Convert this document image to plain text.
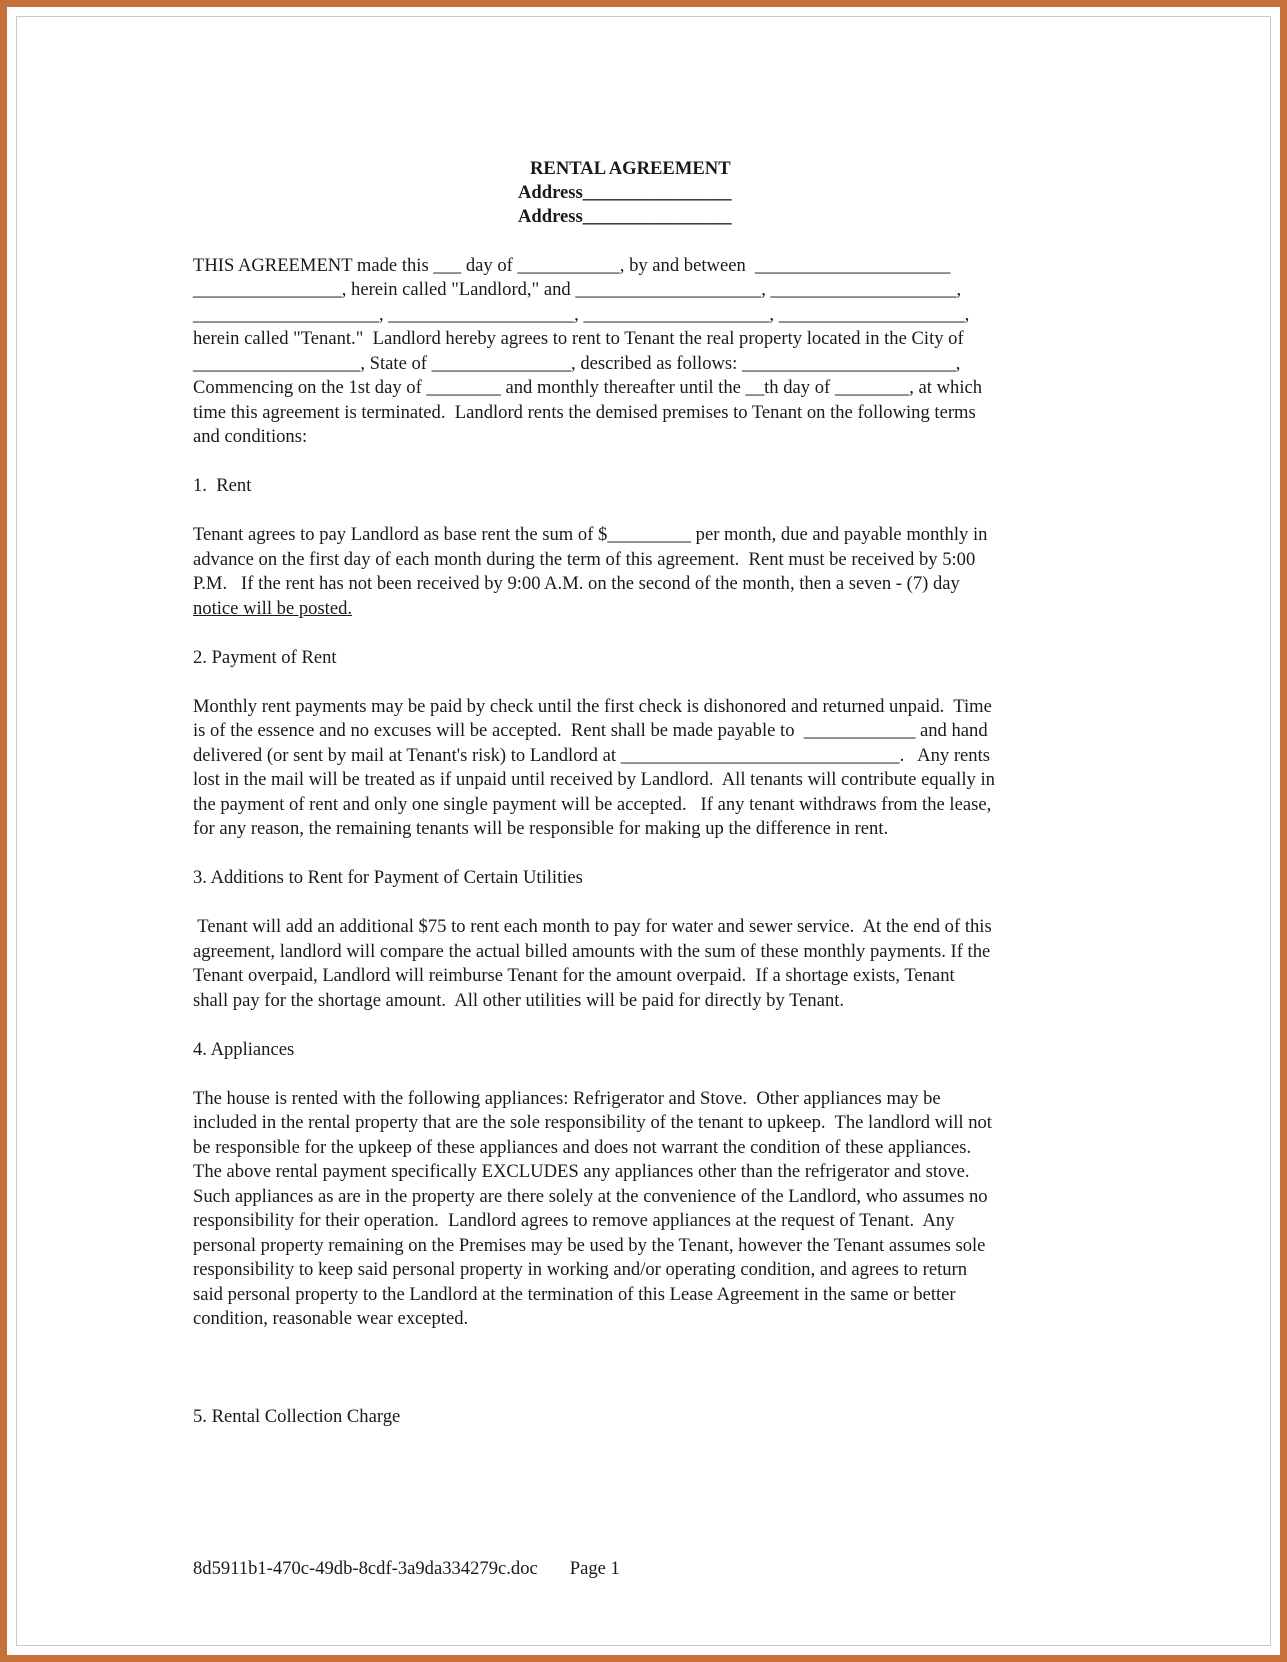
RENTAL AGREEMENT
Address________________
Address________________

THIS AGREEMENT made this ___ day of ___________, by and between  _____________________

________________, herein called "Landlord," and ____________________, ____________________,

____________________, ____________________, ____________________, ____________________,

herein called "Tenant."  Landlord hereby agrees to rent to Tenant the real property located in the City of

__________________, State of _______________, described as follows: _______________________,

Commencing on the 1st day of ________ and monthly thereafter until the __th day of ________, at which

time this agreement is terminated.  Landlord rents the demised premises to Tenant on the following terms

and conditions:

1.  Rent

Tenant agrees to pay Landlord as base rent the sum of $_________ per month, due and payable monthly in

advance on the first day of each month during the term of this agreement.  Rent must be received by 5:00

P.M.   If the rent has not been received by 9:00 A.M. on the second of the month, then a seven - (7) day

notice will be posted.

2. Payment of Rent

Monthly rent payments may be paid by check until the first check is dishonored and returned unpaid.  Time

is of the essence and no excuses will be accepted.  Rent shall be made payable to  ____________ and hand

delivered (or sent by mail at Tenant's risk) to Landlord at ______________________________.   Any rents

lost in the mail will be treated as if unpaid until received by Landlord.  All tenants will contribute equally in

the payment of rent and only one single payment will be accepted.   If any tenant withdraws from the lease,

for any reason, the remaining tenants will be responsible for making up the difference in rent.

3. Additions to Rent for Payment of Certain Utilities

Tenant will add an additional $75 to rent each month to pay for water and sewer service.  At the end of this

agreement, landlord will compare the actual billed amounts with the sum of these monthly payments. If the

Tenant overpaid, Landlord will reimburse Tenant for the amount overpaid.  If a shortage exists, Tenant

shall pay for the shortage amount.  All other utilities will be paid for directly by Tenant.

4. Appliances

The house is rented with the following appliances: Refrigerator and Stove.  Other appliances may be

included in the rental property that are the sole responsibility of the tenant to upkeep.  The landlord will not

be responsible for the upkeep of these appliances and does not warrant the condition of these appliances.

The above rental payment specifically EXCLUDES any appliances other than the refrigerator and stove.

Such appliances as are in the property are there solely at the convenience of the Landlord, who assumes no

responsibility for their operation.  Landlord agrees to remove appliances at the request of Tenant.  Any

personal property remaining on the Premises may be used by the Tenant, however the Tenant assumes sole

responsibility to keep said personal property in working and/or operating condition, and agrees to return

said personal property to the Landlord at the termination of this Lease Agreement in the same or better

condition, reasonable wear excepted.

5. Rental Collection Charge

8d5911b1-470c-49db-8cdf-3a9da334279c.doc Page 1
